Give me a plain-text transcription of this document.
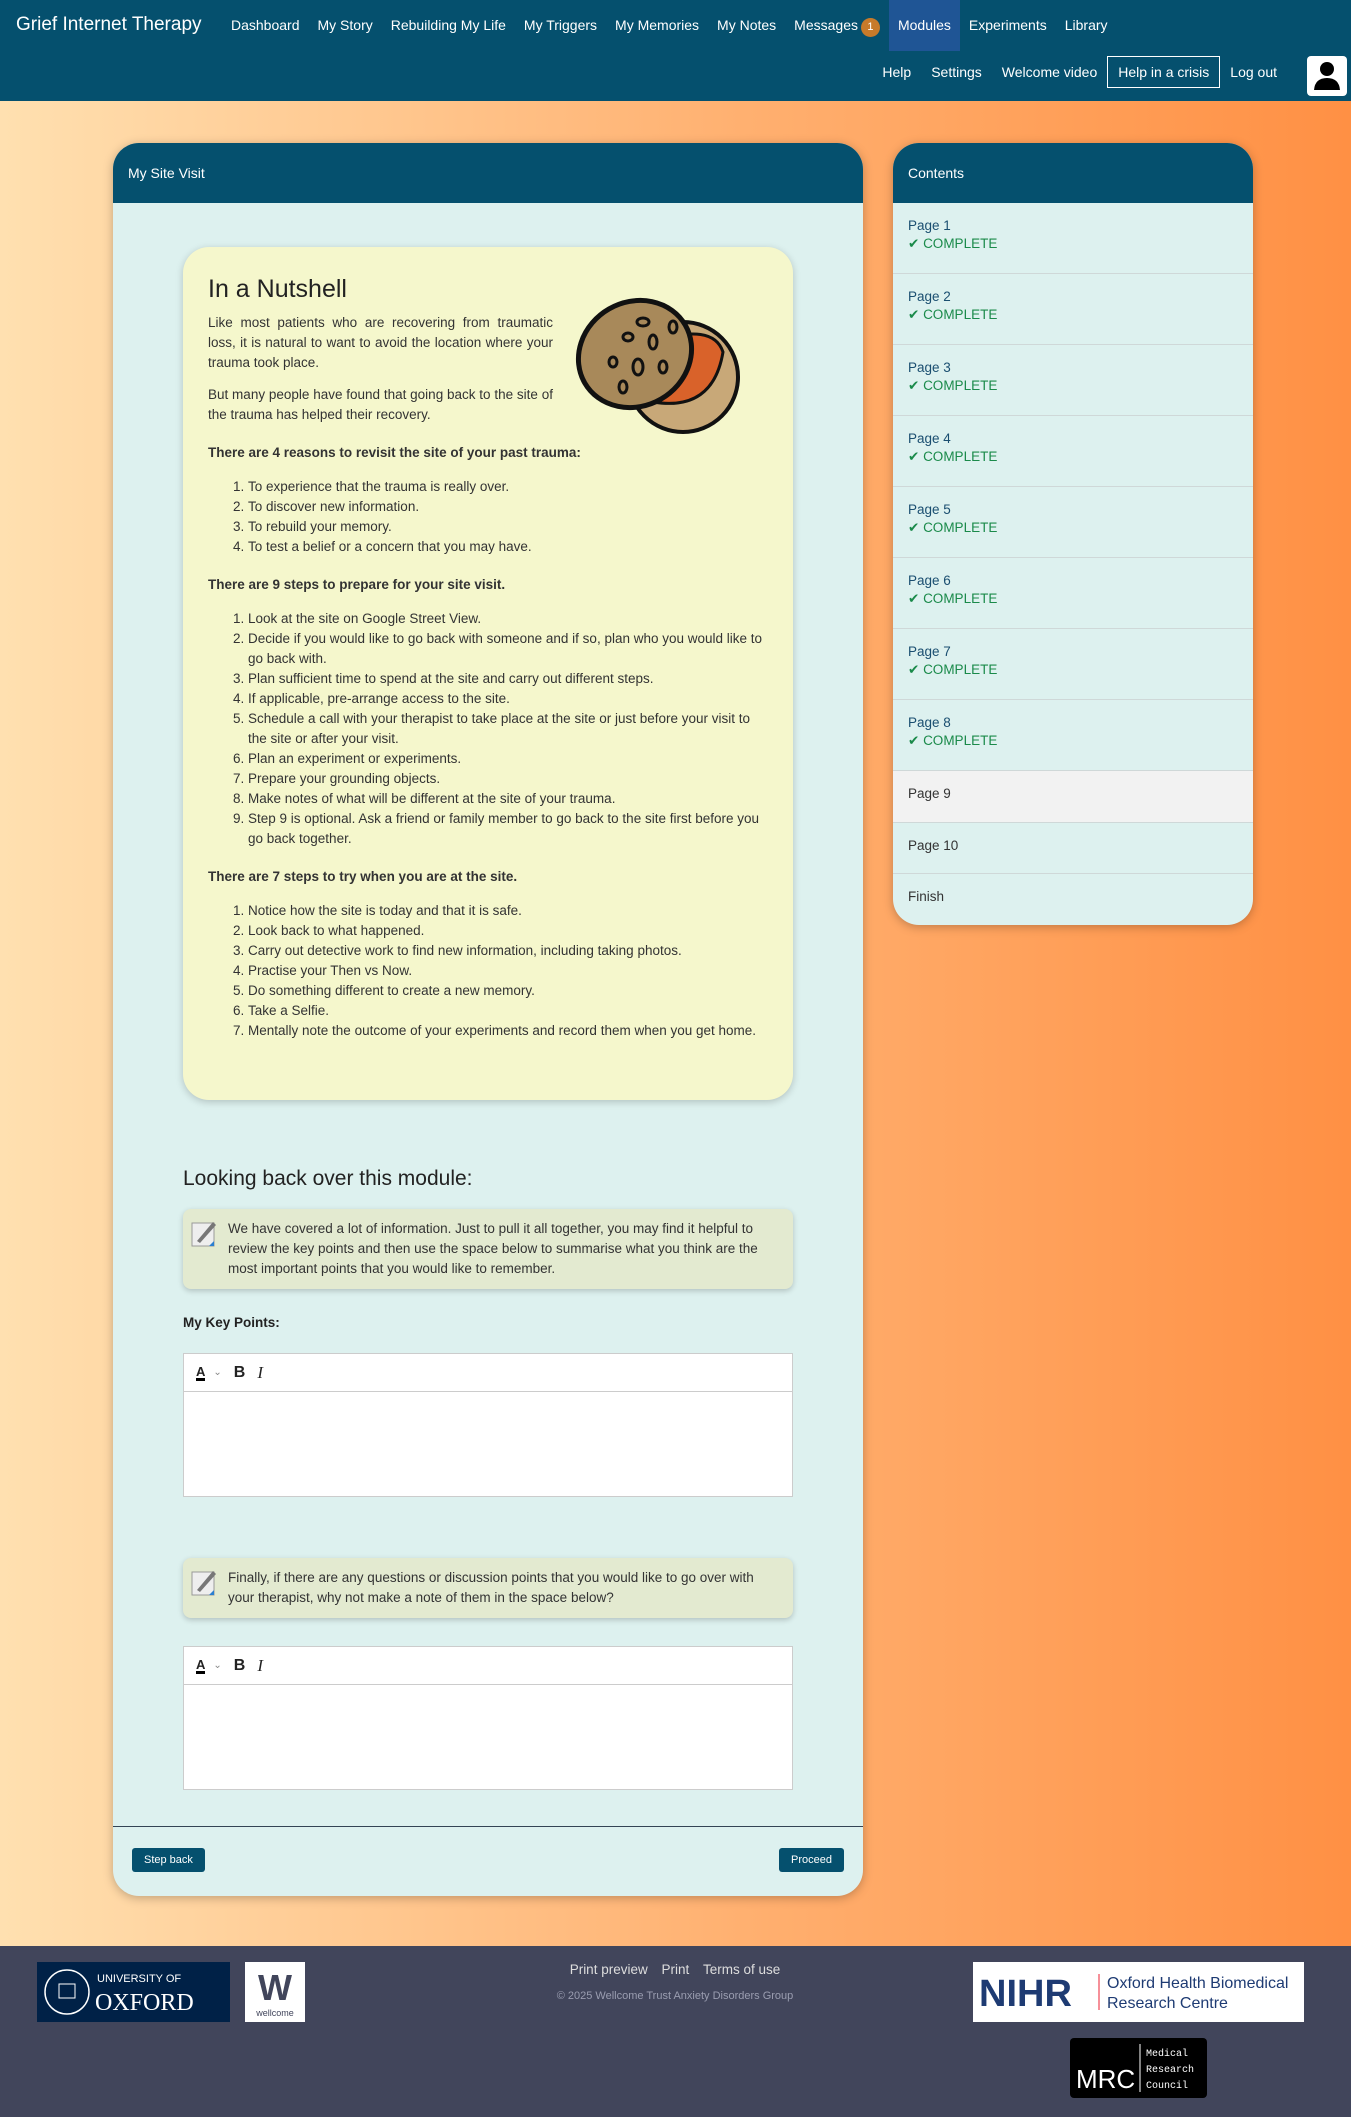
Grief Internet Therapy	Dashboard	My Story	Rebuilding My Life	My Triggers	My Memories	My Notes	Messages 1	Modules	Experiments	Library
Help	Settings	Welcome video	Help in a crisis	Log out
My Site Visit
In a Nutshell

Like most patients who are recovering from traumatic loss, it is natural to want to avoid the location where your trauma took place.

But many people have found that going back to the site of the trauma has helped their recovery.

There are 4 reasons to revisit the site of your past trauma:

1. To experience that the trauma is really over.
2. To discover new information.
3. To rebuild your memory.
4. To test a belief or a concern that you may have.

There are 9 steps to prepare for your site visit.

1. Look at the site on Google Street View.
2. Decide if you would like to go back with someone and if so, plan who you would like to go back with.
3. Plan sufficient time to spend at the site and carry out different steps.
4. If applicable, pre-arrange access to the site.
5. Schedule a call with your therapist to take place at the site or just before your visit to the site or after your visit.
6. Plan an experiment or experiments.
7. Prepare your grounding objects.
8. Make notes of what will be different at the site of your trauma.
9. Step 9 is optional. Ask a friend or family member to go back to the site first before you go back together.

There are 7 steps to try when you are at the site.

1. Notice how the site is today and that it is safe.
2. Look back to what happened.
3. Carry out detective work to find new information, including taking photos.
4. Practise your Then vs Now.
5. Do something different to create a new memory.
6. Take a Selfie.
7. Mentally note the outcome of your experiments and record them when you get home.
Looking back over this module:
We have covered a lot of information. Just to pull it all together, you may find it helpful to review the key points and then use the space below to summarise what you think are the most important points that you would like to remember.
My Key Points:
A ⌄ B I
Finally, if there are any questions or discussion points that you would like to go over with your therapist, why not make a note of them in the space below?
A ⌄ B I
Step back	Proceed
Contents
Page 1
✔ COMPLETE
Page 2
✔ COMPLETE
Page 3
✔ COMPLETE
Page 4
✔ COMPLETE
Page 5
✔ COMPLETE
Page 6
✔ COMPLETE
Page 7
✔ COMPLETE
Page 8
✔ COMPLETE
Page 9
Page 10
Finish
UNIVERSITY OF
OXFORD W
wellcome
Print preview Print Terms of use
© 2025 Wellcome Trust Anxiety Disorders Group	NIHR Oxford Health Biomedical
Research Centre
MRC
Medical
Research
Council
